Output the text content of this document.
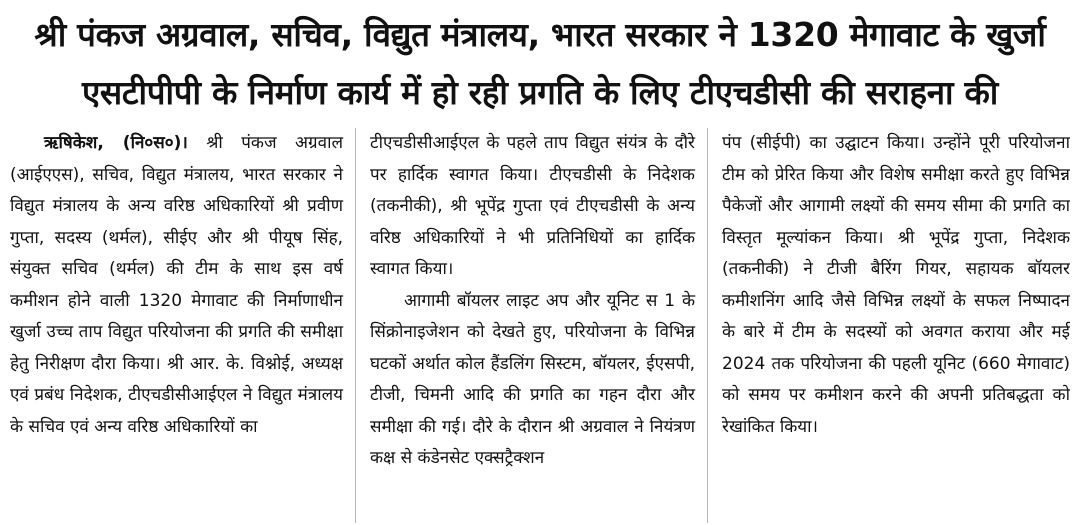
श्री पंकज अग्रवाल, सचिव, विद्युत मंत्रालय, भारत सरकार ने 1320 मेगावाट के खुर्जा
एसटीपीपी के निर्माण कार्य में हो रही प्रगति के लिए टीएचडीसी की सराहना की

ऋषिकेश, (नि०स०)। श्री पंकज अग्रवाल (आईएएस), सचिव, विद्युत मंत्रालय, भारत सरकार ने विद्युत मंत्रालय के अन्य वरिष्ठ अधिकारियों श्री प्रवीण गुप्ता, सदस्य (थर्मल), सीईए और श्री पीयूष सिंह, संयुक्त सचिव (थर्मल) की टीम के साथ इस वर्ष कमीशन होने वाली 1320 मेगावाट की निर्माणाधीन खुर्जा उच्च ताप विद्युत परियोजना की प्रगति की समीक्षा हेतु निरीक्षण दौरा किया। श्री आर. के. विश्नोई, अध्यक्ष एवं प्रबंध निदेशक, टीएचडीसीआईएल ने विद्युत मंत्रालय के सचिव एवं अन्य वरिष्ठ अधिकारियों का

टीएचडीसीआईएल के पहले ताप विद्युत संयंत्र के दौरे पर हार्दिक स्वागत किया। टीएचडीसी के निदेशक (तकनीकी), श्री भूपेंद्र गुप्ता एवं टीएचडीसी के अन्य वरिष्ठ अधिकारियों ने भी प्रतिनिधियों का हार्दिक स्वागत किया।

आगामी बॉयलर लाइट अप और यूनिट स 1 के सिंक्रोनाइजेशन को देखते हुए, परियोजना के विभिन्न घटकों अर्थात कोल हैंडलिंग सिस्टम, बॉयलर, ईएसपी, टीजी, चिमनी आदि की प्रगति का गहन दौरा और समीक्षा की गई। दौरे के दौरान श्री अग्रवाल ने नियंत्रण कक्ष से कंडेनसेट एक्सट्रैक्शन

पंप (सीईपी) का उद्घाटन किया। उन्होंने पूरी परियोजना टीम को प्रेरित किया और विशेष समीक्षा करते हुए विभिन्न पैकेजों और आगामी लक्ष्यों की समय सीमा की प्रगति का विस्तृत मूल्यांकन किया। श्री भूपेंद्र गुप्ता, निदेशक (तकनीकी) ने टीजी बैरिंग गियर, सहायक बॉयलर कमीशनिंग आदि जैसे विभिन्न लक्ष्यों के सफल निष्पादन के बारे में टीम के सदस्यों को अवगत कराया और मई 2024 तक परियोजना की पहली यूनिट (660 मेगावाट) को समय पर कमीशन करने की अपनी प्रतिबद्धता को रेखांकित किया।
